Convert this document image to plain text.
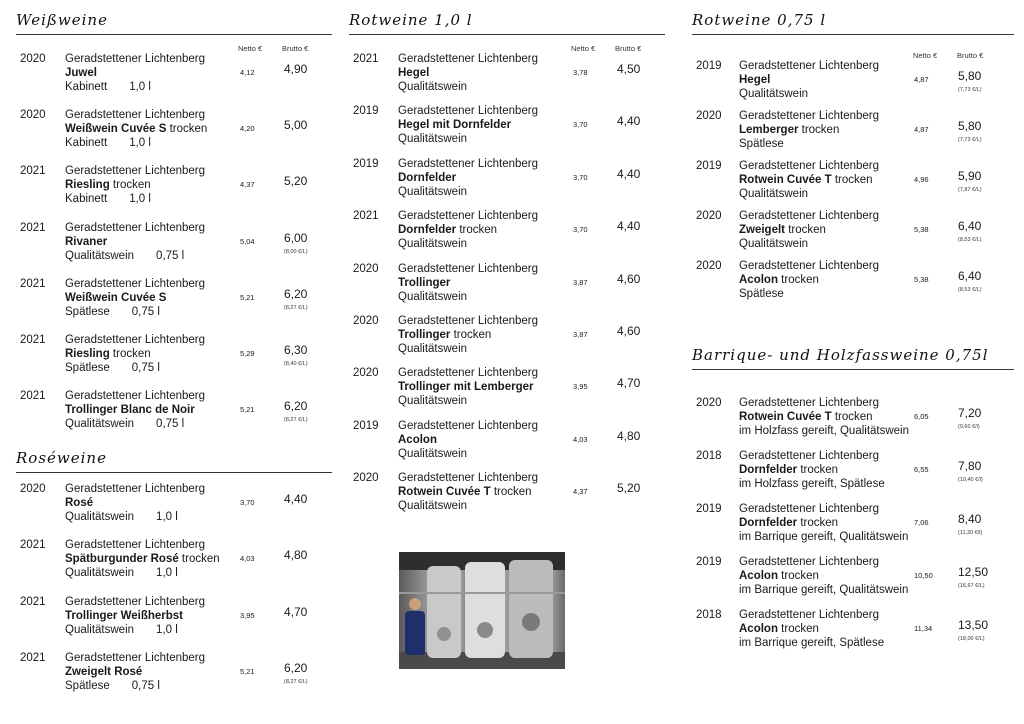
Weißweine
Netto €	Brutto €
2020 Geradstettener Lichtenberg
Juwel
Kabinett 1,0 l
4,12 4,90
2020 Geradstettener Lichtenberg
Weißwein Cuvée S trocken
Kabinett 1,0 l
4,20 5,00
2021 Geradstettener Lichtenberg
Riesling trocken
Kabinett 1,0 l
4,37 5,20
2021 Geradstettener Lichtenberg
Rivaner
Qualitätswein 0,75 l
5,04 6,00
(8,00 €/L)
2021 Geradstettener Lichtenberg
Weißwein Cuvée S
Spätlese 0,75 l
5,21 6,20
(8,27 €/L)
2021 Geradstettener Lichtenberg
Riesling trocken
Spätlese 0,75 l
5,29 6,30
(8,40 €/L)
2021 Geradstettener Lichtenberg
Trollinger Blanc de Noir
Qualitätswein 0,75 l
5,21 6,20
(8,27 €/L)
Roséweine
2020 Geradstettener Lichtenberg
Rosé
Qualitätswein 1,0 l
3,70 4,40
2021 Geradstettener Lichtenberg
Spätburgunder Rosé trocken
Qualitätswein 1,0 l
4,03 4,80
2021 Geradstettener Lichtenberg
Trollinger Weißherbst
Qualitätswein 1,0 l
3,95 4,70
2021 Geradstettener Lichtenberg
Zweigelt Rosé
Spätlese 0,75 l
5,21 6,20
(8,27 €/L)
Rotweine 1,0 l
Netto €	Brutto €
2021 Geradstettener Lichtenberg
Hegel
Qualitätswein
3,78 4,50
2019 Geradstettener Lichtenberg
Hegel mit Dornfelder
Qualitätswein
3,70 4,40
2019 Geradstettener Lichtenberg
Dornfelder
Qualitätswein
3,70 4,40
2021 Geradstettener Lichtenberg
Dornfelder trocken
Qualitätswein
3,70 4,40
2020 Geradstettener Lichtenberg
Trollinger
Qualitätswein
3,87 4,60
2020 Geradstettener Lichtenberg
Trollinger trocken
Qualitätswein
3,87 4,60
2020 Geradstettener Lichtenberg
Trollinger mit Lemberger
Qualitätswein
3,95 4,70
2019 Geradstettener Lichtenberg
Acolon
Qualitätswein
4,03 4,80
2020 Geradstettener Lichtenberg
Rotwein Cuvée T trocken
Qualitätswein
4,37 5,20
Rotweine 0,75 l
Netto €	Brutto €
2019 Geradstettener Lichtenberg
Hegel
Qualitätswein
4,87 5,80
(7,73 €/L)
2020 Geradstettener Lichtenberg
Lemberger trocken
Spätlese
4,87 5,80
(7,73 €/L)
2019 Geradstettener Lichtenberg
Rotwein Cuvée T trocken
Qualitätswein
4,96 5,90
(7,87 €/L)
2020 Geradstettener Lichtenberg
Zweigelt trocken
Qualitätswein
5,38 6,40
(8,53 €/L)
2020 Geradstettener Lichtenberg
Acolon trocken
Spätlese
5,38 6,40
(8,53 €/L)
Barrique- und Holzfassweine 0,75l
2020 Geradstettener Lichtenberg
Rotwein Cuvée T trocken
im Holzfass gereift, Qualitätswein
6,05 7,20
(9,60 €/l)
2018 Geradstettener Lichtenberg
Dornfelder trocken
im Holzfass gereift, Spätlese
6,55 7,80
(10,40 €/l)
2019 Geradstettener Lichtenberg
Dornfelder trocken
im Barrique gereift, Qualitätswein
7,06 8,40
(11,20 €/l)
2019 Geradstettener Lichtenberg
Acolon trocken
im Barrique gereift, Qualitätswein
10,50 12,50
(16,67 €/L)
2018 Geradstettener Lichtenberg
Acolon trocken
im Barrique gereift, Spätlese
11,34 13,50
(18,00 €/L)
